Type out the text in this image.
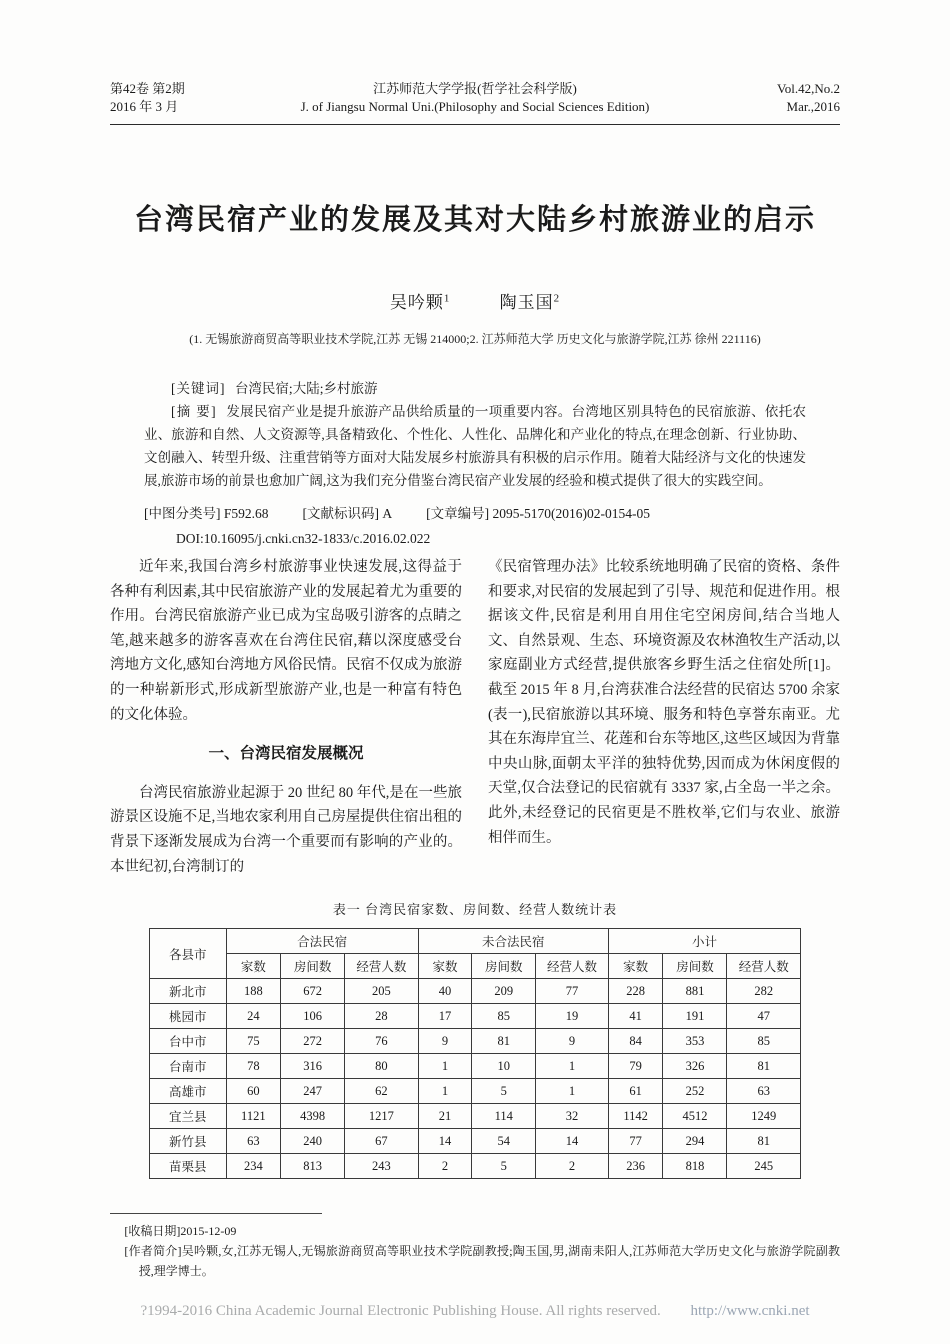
第42卷 第2期
2016 年 3 月
江苏师范大学学报(哲学社会科学版)
J. of Jiangsu Normal Uni.(Philosophy and Social Sciences Edition)
Vol.42,No.2
Mar.,2016
台湾民宿产业的发展及其对大陆乡村旅游业的启示
吴吟颗$^1$	陶玉国$^2$
(1. 无锡旅游商贸高等职业技术学院,江苏 无锡 214000;2. 江苏师范大学 历史文化与旅游学院,江苏 徐州 221116)

[关键词] 台湾民宿;大陆;乡村旅游

[摘 要] 发展民宿产业是提升旅游产品供给质量的一项重要内容。台湾地区别具特色的民宿旅游、依托农业、旅游和自然、人文资源等,具备精致化、个性化、人性化、品牌化和产业化的特点,在理念创新、行业协助、文创融入、转型升级、注重营销等方面对大陆发展乡村旅游具有积极的启示作用。随着大陆经济与文化的快速发展,旅游市场的前景也愈加广阔,这为我们充分借鉴台湾民宿产业发展的经验和模式提供了很大的实践空间。

[中图分类号] F592.68	[文献标识码] A	[文章编号] 2095-5170(2016)02-0154-05
DOI:10.16095/j.cnki.cn32-1833/c.2016.02.022

近年来,我国台湾乡村旅游事业快速发展,这得益于各种有利因素,其中民宿旅游产业的发展起着尤为重要的作用。台湾民宿旅游产业已成为宝岛吸引游客的点睛之笔,越来越多的游客喜欢在台湾住民宿,藉以深度感受台湾地方文化,感知台湾地方风俗民情。民宿不仅成为旅游的一种崭新形式,形成新型旅游产业,也是一种富有特色的文化体验。

一、台湾民宿发展概况

台湾民宿旅游业起源于 20 世纪 80 年代,是在一些旅游景区设施不足,当地农家利用自己房屋提供住宿出租的背景下逐渐发展成为台湾一个重要而有影响的产业的。本世纪初,台湾制订的

《民宿管理办法》比较系统地明确了民宿的资格、条件和要求,对民宿的发展起到了引导、规范和促进作用。根据该文件,民宿是利用自用住宅空闲房间,结合当地人文、自然景观、生态、环境资源及农林渔牧生产活动,以家庭副业方式经营,提供旅客乡野生活之住宿处所[1]。截至 2015 年 8 月,台湾获准合法经营的民宿达 5700 余家(表一),民宿旅游以其环境、服务和特色享誉东南亚。尤其在东海岸宜兰、花莲和台东等地区,这些区域因为背靠中央山脉,面朝太平洋的独特优势,因而成为休闲度假的天堂,仅合法登记的民宿就有 3337 家,占全岛一半之余。此外,未经登记的民宿更是不胜枚举,它们与农业、旅游相伴而生。

表一 台湾民宿家数、房间数、经营人数统计表
各县市	合法民宿			未合法民宿			小计		
	家数	房间数	经营人数	家数	房间数	经营人数	家数	房间数	经营人数
新北市	188	672	205	40	209	77	228	881	282
桃园市	24	106	28	17	85	19	41	191	47
台中市	75	272	76	9	81	9	84	353	85
台南市	78	316	80	1	10	1	79	326	81
高雄市	60	247	62	1	5	1	61	252	63
宜兰县	1121	4398	1217	21	114	32	1142	4512	1249
新竹县	63	240	67	14	54	14	77	294	81
苗栗县	234	813	243	2	5	2	236	818	245

[收稿日期]2015-12-09

[作者简介]吴吟颗,女,江苏无锡人,无锡旅游商贸高等职业技术学院副教授;陶玉国,男,湖南耒阳人,江苏师范大学历史文化与旅游学院副教授,理学博士。

?1994-2016 China Academic Journal Electronic Publishing House. All rights reserved. http://www.cnki.net
